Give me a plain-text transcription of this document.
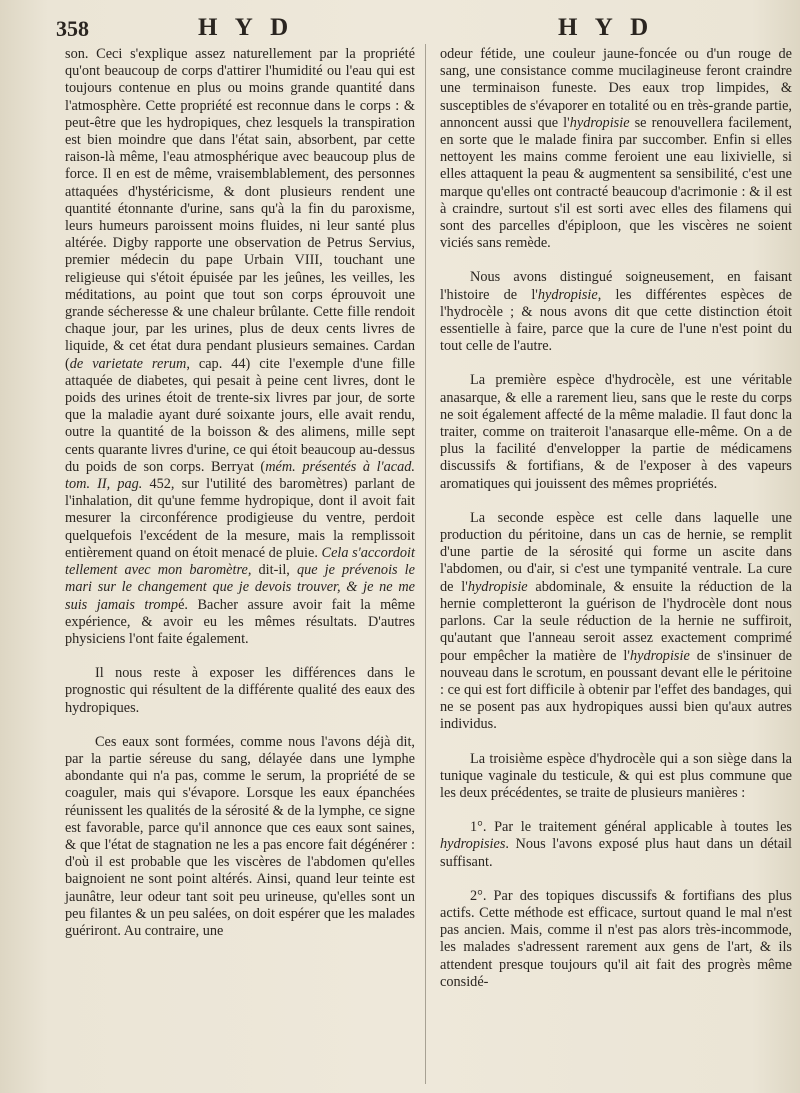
358	H Y D	H Y D

son. Ceci s'explique assez naturellement par la propriété qu'ont beaucoup de corps d'attirer l'humidité ou l'eau qui est toujours contenue en plus ou moins grande quantité dans l'atmosphère. Cette propriété est reconnue dans le corps : & peut-être que les hydropiques, chez lesquels la transpiration est bien moindre que dans l'état sain, absorbent, par cette raison-là même, l'eau atmosphérique avec beaucoup plus de force. Il en est de même, vraisemblablement, des personnes attaquées d'hystéricisme, & dont plusieurs rendent une quantité étonnante d'urine, sans qu'à la fin du paroxisme, leurs humeurs paroissent moins fluides, ni leur santé plus altérée. Digby rapporte une observation de Petrus Servius, premier médecin du pape Urbain VIII, touchant une religieuse qui s'étoit épuisée par les jeûnes, les veilles, les méditations, au point que tout son corps éprouvoit une grande sécheresse & une chaleur brûlante. Cette fille rendoit chaque jour, par les urines, plus de deux cents livres de liquide, & cet état dura pendant plusieurs semaines. Cardan (de varietate rerum, cap. 44) cite l'exemple d'une fille attaquée de diabetes, qui pesait à peine cent livres, dont le poids des urines étoit de trente-six livres par jour, de sorte que la maladie ayant duré soixante jours, elle avait rendu, outre la quantité de la boisson & des alimens, mille sept cents quarante livres d'urine, ce qui étoit beaucoup au-dessus du poids de son corps. Berryat (mém. présentés à l'acad. tom. II, pag. 452, sur l'utilité des baromètres) parlant de l'inhalation, dit qu'une femme hydropique, dont il avoit fait mesurer la circonférence prodigieuse du ventre, perdoit quelquefois l'excédent de la mesure, mais la remplissoit entièrement quand on étoit menacé de pluie. Cela s'accordoit tellement avec mon baromètre, dit-il, que je prévenois le mari sur le changement que je devois trouver, & je ne me suis jamais trompé. Bacher assure avoir fait la même expérience, & avoir eu les mêmes résultats. D'autres physiciens l'ont faite également.

Il nous reste à exposer les différences dans le prognostic qui résultent de la différente qualité des eaux des hydropiques.

Ces eaux sont formées, comme nous l'avons déjà dit, par la partie séreuse du sang, délayée dans une lymphe abondante qui n'a pas, comme le serum, la propriété de se coaguler, mais qui s'évapore. Lorsque les eaux épanchées réunissent les qualités de la sérosité & de la lymphe, ce signe est favorable, parce qu'il annonce que ces eaux sont saines, & que l'état de stagnation ne les a pas encore fait dégénérer : d'où il est probable que les viscères de l'abdomen qu'elles baignoient ne sont point altérés. Ainsi, quand leur teinte est jaunâtre, leur odeur tant soit peu urineuse, qu'elles sont un peu filantes & un peu salées, on doit espérer que les malades guériront. Au contraire, une

odeur fétide, une couleur jaune-foncée ou d'un rouge de sang, une consistance comme mucilagineuse feront craindre une terminaison funeste. Des eaux trop limpides, & susceptibles de s'évaporer en totalité ou en très-grande partie, annoncent aussi que l'hydropisie se renouvellera facilement, en sorte que le malade finira par succomber. Enfin si elles nettoyent les mains comme feroient une eau lixivielle, si elles attaquent la peau & augmentent sa sensibilité, c'est une marque qu'elles ont contracté beaucoup d'acrimonie : & il est à craindre, surtout s'il est sorti avec elles des filamens qui sont des parcelles d'épiploon, que les viscères ne soient viciés sans remède.

Nous avons distingué soigneusement, en faisant l'histoire de l'hydropisie, les différentes espèces de l'hydrocèle ; & nous avons dit que cette distinction étoit essentielle à faire, parce que la cure de l'une n'est point du tout celle de l'autre.

La première espèce d'hydrocèle, est une véritable anasarque, & elle a rarement lieu, sans que le reste du corps ne soit également affecté de la même maladie. Il faut donc la traiter, comme on traiteroit l'anasarque elle-même. On a de plus la facilité d'envelopper la partie de médicamens discussifs & fortifians, & de l'exposer à des vapeurs aromatiques qui jouissent des mêmes propriétés.

La seconde espèce est celle dans laquelle une production du péritoine, dans un cas de hernie, se remplit d'une partie de la sérosité qui forme un ascite dans l'abdomen, ou d'air, si c'est une tympanité ventrale. La cure de l'hydropisie abdominale, & ensuite la réduction de la hernie completteront la guérison de l'hydrocèle dont nous parlons. Car la seule réduction de la hernie ne suffiroit, qu'autant que l'anneau seroit assez exactement comprimé pour empêcher la matière de l'hydropisie de s'insinuer de nouveau dans le scrotum, en poussant devant elle le péritoine : ce qui est fort difficile à obtenir par l'effet des bandages, qui ne se posent pas aux hydropiques aussi bien qu'aux autres individus.

La troisième espèce d'hydrocèle qui a son siège dans la tunique vaginale du testicule, & qui est plus commune que les deux précédentes, se traite de plusieurs manières :

1°. Par le traitement général applicable à toutes les hydropisies. Nous l'avons exposé plus haut dans un détail suffisant.

2°. Par des topiques discussifs & fortifians des plus actifs. Cette méthode est efficace, surtout quand le mal n'est pas ancien. Mais, comme il n'est pas alors très-incommode, les malades s'adressent rarement aux gens de l'art, & ils attendent presque toujours qu'il ait fait des progrès même considé-
